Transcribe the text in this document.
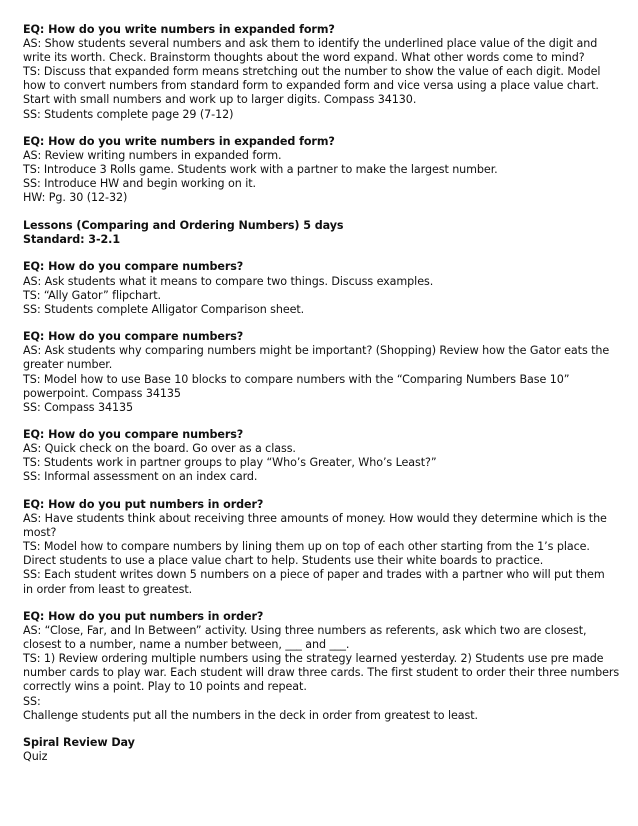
EQ: How do you write numbers in expanded form?
AS: Show students several numbers and ask them to identify the underlined place value of the digit and
write its worth. Check. Brainstorm thoughts about the word expand. What other words come to mind?
TS: Discuss that expanded form means stretching out the number to show the value of each digit. Model
how to convert numbers from standard form to expanded form and vice versa using a place value chart.
Start with small numbers and work up to larger digits. Compass 34130.
SS: Students complete page 29 (7-12)
EQ: How do you write numbers in expanded form?
AS: Review writing numbers in expanded form.
TS: Introduce 3 Rolls game. Students work with a partner to make the largest number.
SS: Introduce HW and begin working on it.
HW: Pg. 30 (12-32)
Lessons (Comparing and Ordering Numbers) 5 days
Standard: 3-2.1
EQ: How do you compare numbers?
AS: Ask students what it means to compare two things. Discuss examples.
TS: “Ally Gator” flipchart.
SS: Students complete Alligator Comparison sheet.
EQ: How do you compare numbers?
AS: Ask students why comparing numbers might be important? (Shopping) Review how the Gator eats the
greater number.
TS: Model how to use Base 10 blocks to compare numbers with the “Comparing Numbers Base 10”
powerpoint. Compass 34135
SS: Compass 34135
EQ: How do you compare numbers?
AS: Quick check on the board. Go over as a class.
TS: Students work in partner groups to play “Who’s Greater, Who’s Least?”
SS: Informal assessment on an index card.
EQ: How do you put numbers in order?
AS: Have students think about receiving three amounts of money. How would they determine which is the
most?
TS: Model how to compare numbers by lining them up on top of each other starting from the 1’s place.
Direct students to use a place value chart to help. Students use their white boards to practice.
SS: Each student writes down 5 numbers on a piece of paper and trades with a partner who will put them
in order from least to greatest.
EQ: How do you put numbers in order?
AS: “Close, Far, and In Between” activity. Using three numbers as referents, ask which two are closest,
closest to a number, name a number between, ___ and ___.
TS: 1) Review ordering multiple numbers using the strategy learned yesterday. 2) Students use pre made
number cards to play war. Each student will draw three cards. The first student to order their three numbers
correctly wins a point. Play to 10 points and repeat.
SS:
Challenge students put all the numbers in the deck in order from greatest to least.
Spiral Review Day
Quiz
